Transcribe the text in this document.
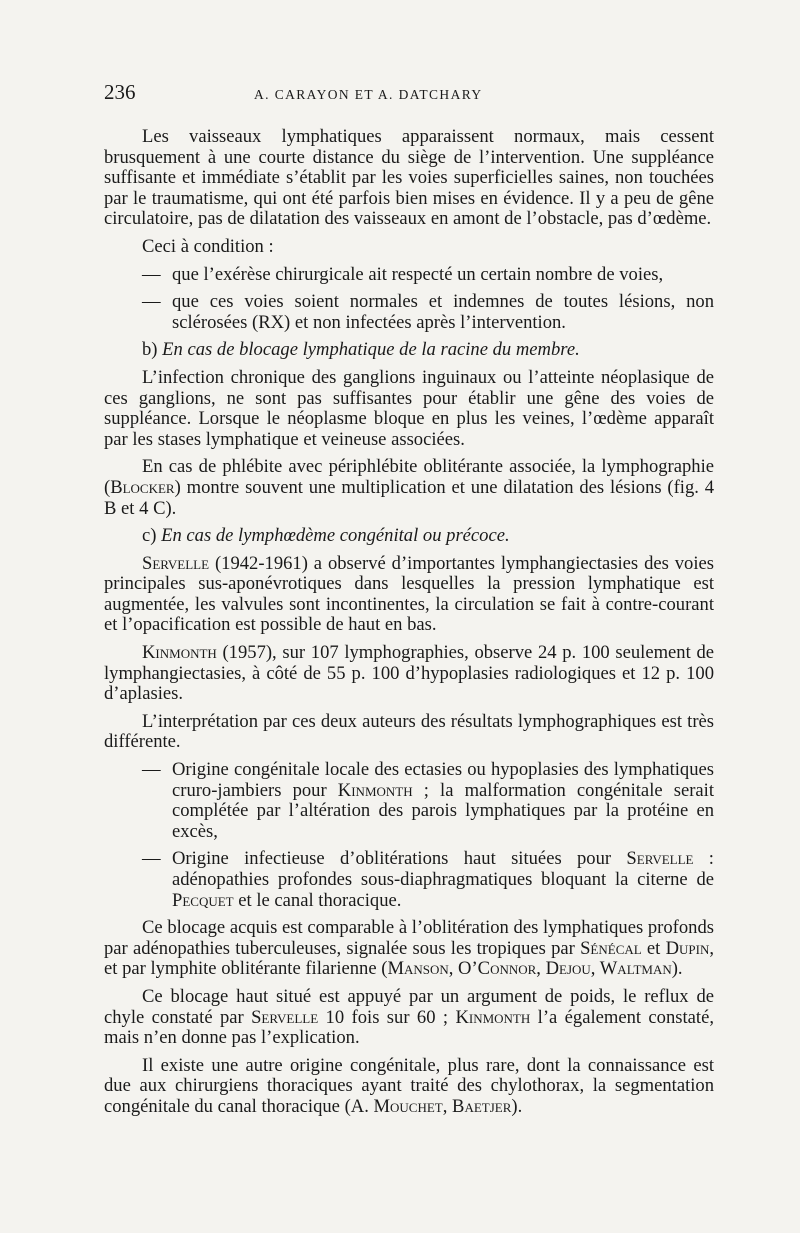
236	A. CARAYON ET A. DATCHARY

Les vaisseaux lymphatiques apparaissent normaux, mais cessent brusquement à une courte distance du siège de l’intervention. Une suppléance suffisante et immédiate s’établit par les voies superficielles saines, non touchées par le traumatisme, qui ont été parfois bien mises en évidence. Il y a peu de gêne circulatoire, pas de dilatation des vaisseaux en amont de l’obstacle, pas d’œdème.

Ceci à condition :

— que l’exérèse chirurgicale ait respecté un certain nombre de voies,
— que ces voies soient normales et indemnes de toutes lésions, non sclérosées (RX) et non infectées après l’intervention.

b) En cas de blocage lymphatique de la racine du membre.

L’infection chronique des ganglions inguinaux ou l’atteinte néoplasique de ces ganglions, ne sont pas suffisantes pour établir une gêne des voies de suppléance. Lorsque le néoplasme bloque en plus les veines, l’œdème apparaît par les stases lymphatique et veineuse associées.

En cas de phlébite avec périphlébite oblitérante associée, la lymphographie (Blocker) montre souvent une multiplication et une dilatation des lésions (fig. 4 B et 4 C).

c) En cas de lymphœdème congénital ou précoce.

Servelle (1942-1961) a observé d’importantes lymphangiectasies des voies principales sus-aponévrotiques dans lesquelles la pression lymphatique est augmentée, les valvules sont incontinentes, la circulation se fait à contre-courant et l’opacification est possible de haut en bas.

Kinmonth (1957), sur 107 lymphographies, observe 24 p. 100 seulement de lymphangiectasies, à côté de 55 p. 100 d’hypoplasies radiologiques et 12 p. 100 d’aplasies.

L’interprétation par ces deux auteurs des résultats lymphographiques est très différente.

— Origine congénitale locale des ectasies ou hypoplasies des lymphatiques cruro-jambiers pour Kinmonth ; la malformation congénitale serait complétée par l’altération des parois lymphatiques par la protéine en excès,
— Origine infectieuse d’oblitérations haut situées pour Servelle : adénopathies profondes sous-diaphragmatiques bloquant la citerne de Pecquet et le canal thoracique.

Ce blocage acquis est comparable à l’oblitération des lymphatiques profonds par adénopathies tuberculeuses, signalée sous les tropiques par Sénécal et Dupin, et par lymphite oblitérante filarienne (Manson, O’Connor, Dejou, Waltman).

Ce blocage haut situé est appuyé par un argument de poids, le reflux de chyle constaté par Servelle 10 fois sur 60 ; Kinmonth l’a également constaté, mais n’en donne pas l’explication.

Il existe une autre origine congénitale, plus rare, dont la connaissance est due aux chirurgiens thoraciques ayant traité des chylothorax, la segmentation congénitale du canal thoracique (A. Mouchet, Baetjer).
